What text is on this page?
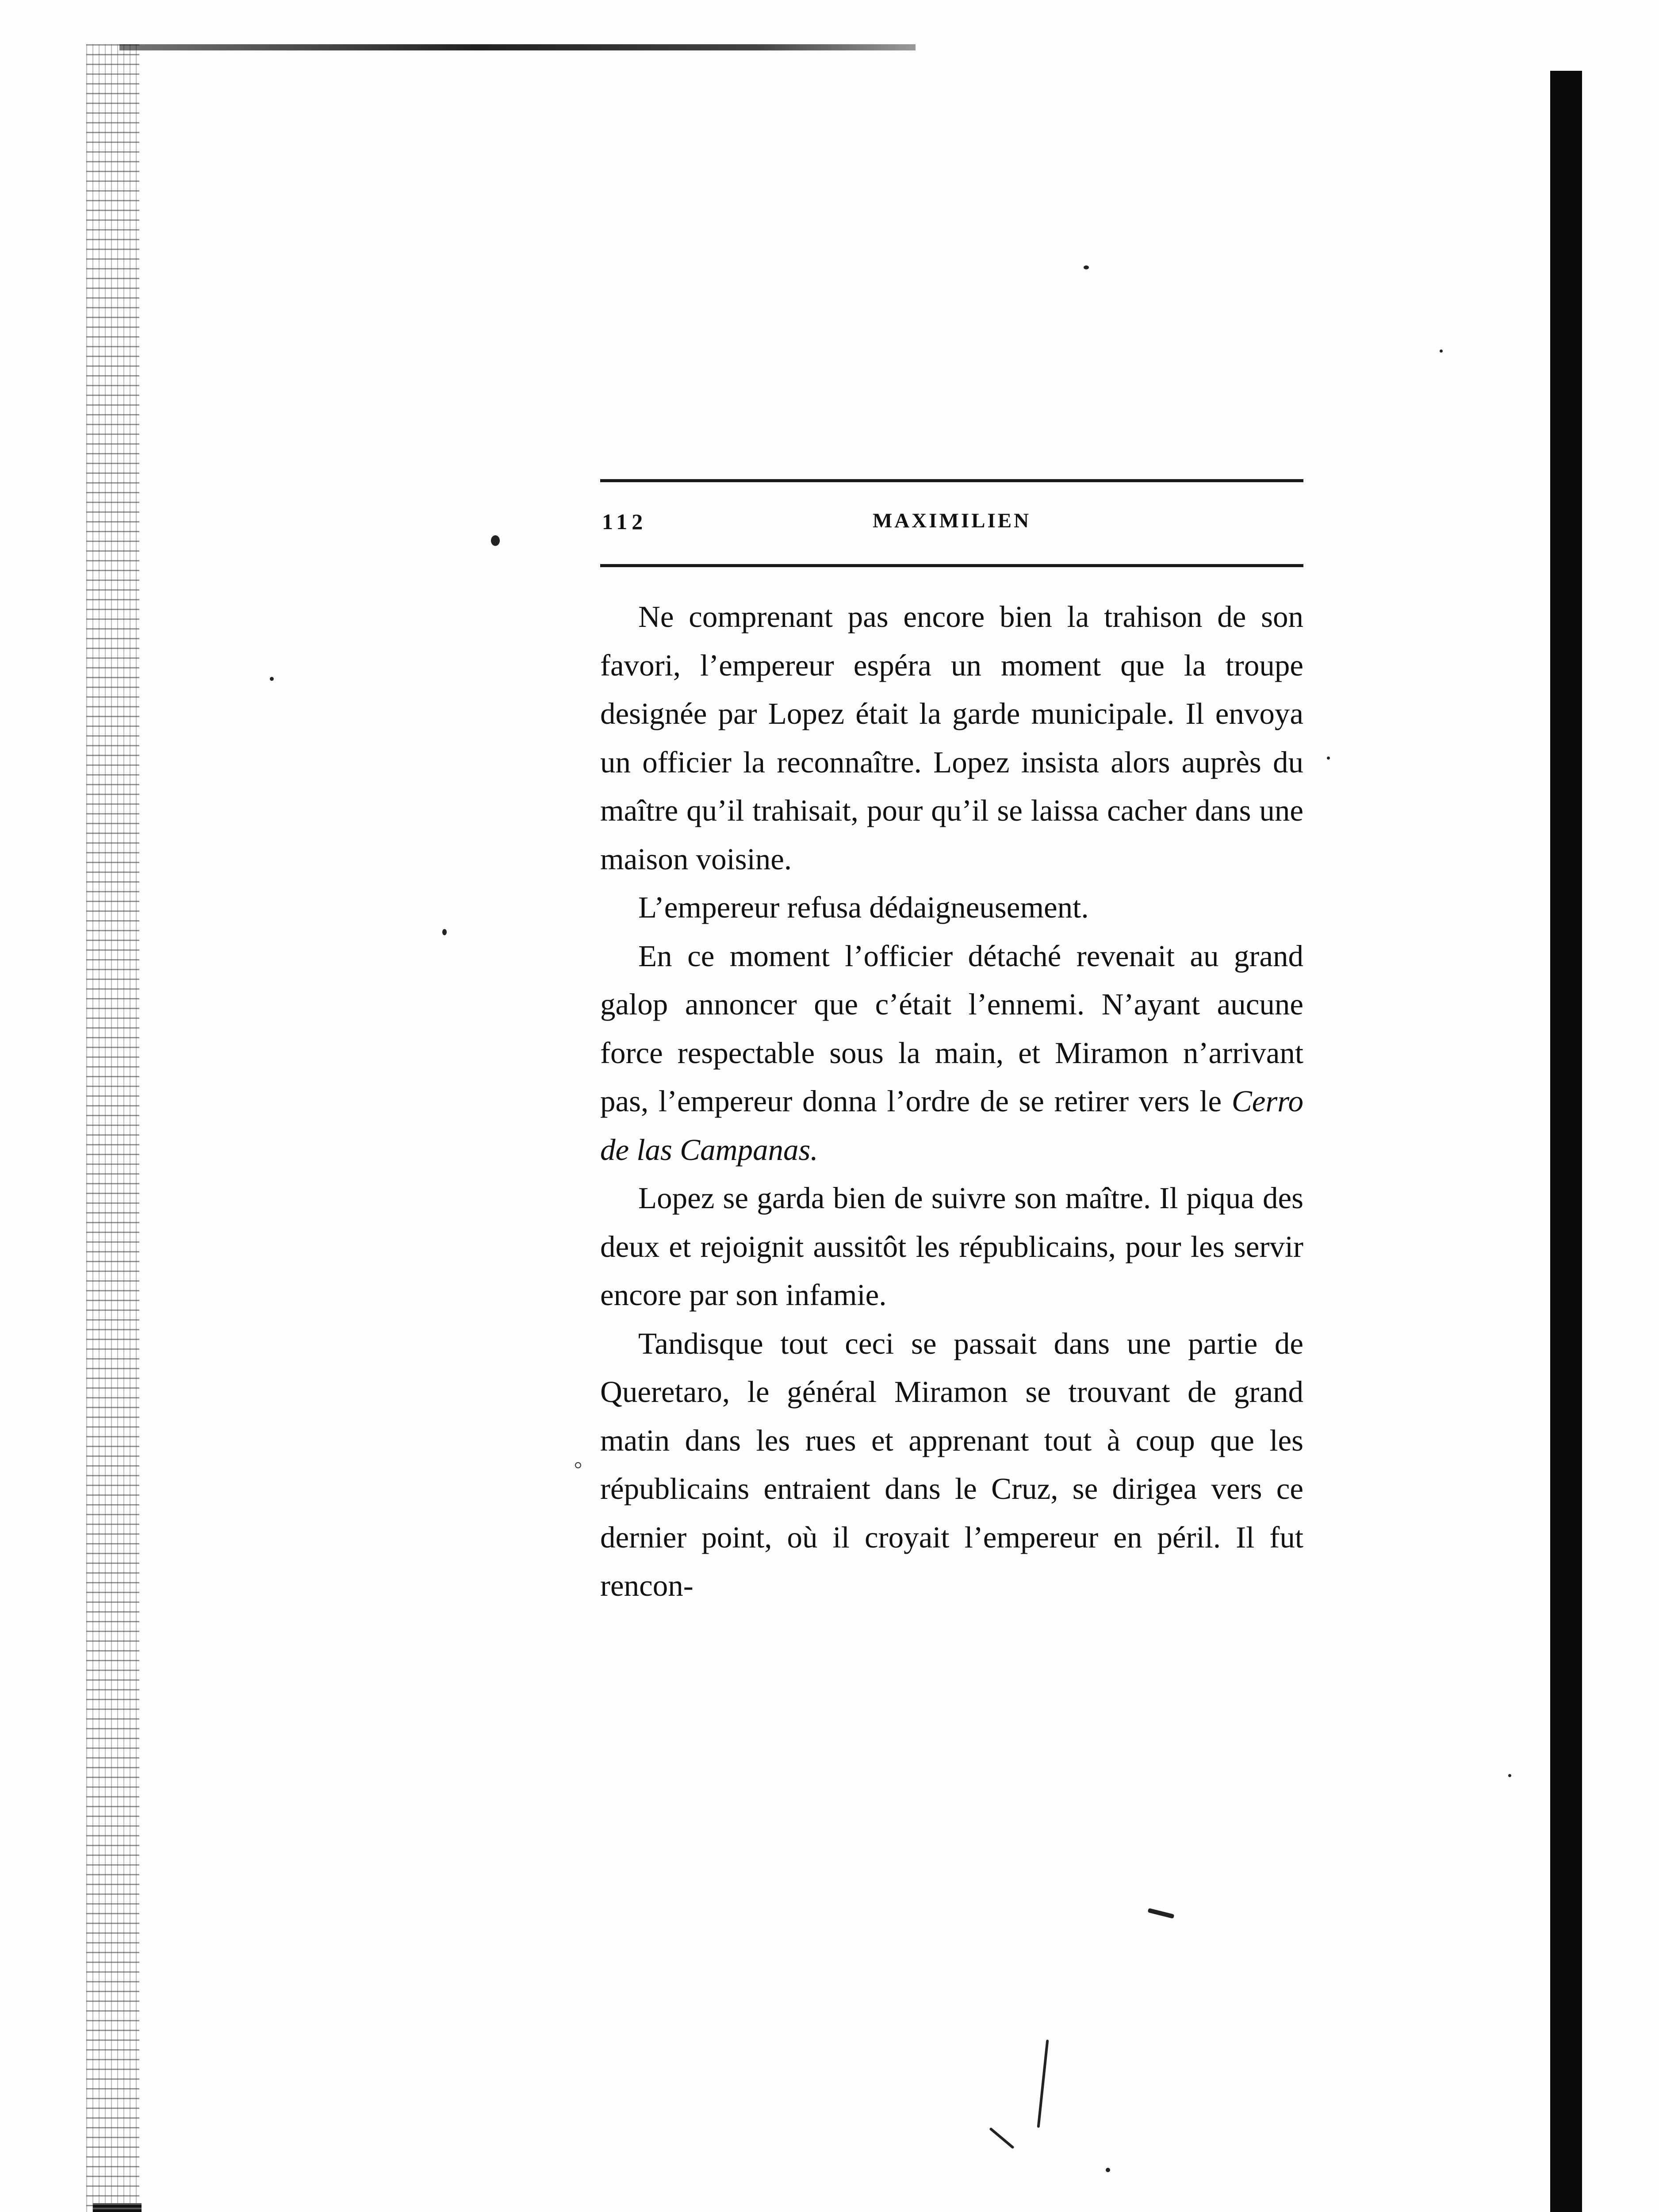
112	MAXIMILIEN

Ne comprenant pas encore bien la trahison de son favori, l’empereur espéra un moment que la troupe designée par Lopez était la garde municipale. Il envoya un officier la reconnaître. Lopez insista alors auprès du maître qu’il trahisait, pour qu’il se laissa cacher dans une maison voisine.

L’empereur refusa dédaigneusement.

En ce moment l’officier détaché revenait au grand galop annoncer que c’était l’ennemi. N’ayant aucune force respectable sous la main, et Miramon n’arrivant pas, l’empereur donna l’ordre de se retirer vers le Cerro de las Campanas.

Lopez se garda bien de suivre son maître. Il piqua des deux et rejoignit aussitôt les républicains, pour les servir encore par son infamie.

Tandisque tout ceci se passait dans une partie de Queretaro, le général Miramon se trouvant de grand matin dans les rues et apprenant tout à coup que les républicains entraient dans le Cruz, se dirigea vers ce dernier point, où il croyait l’empereur en péril. Il fut rencon-
